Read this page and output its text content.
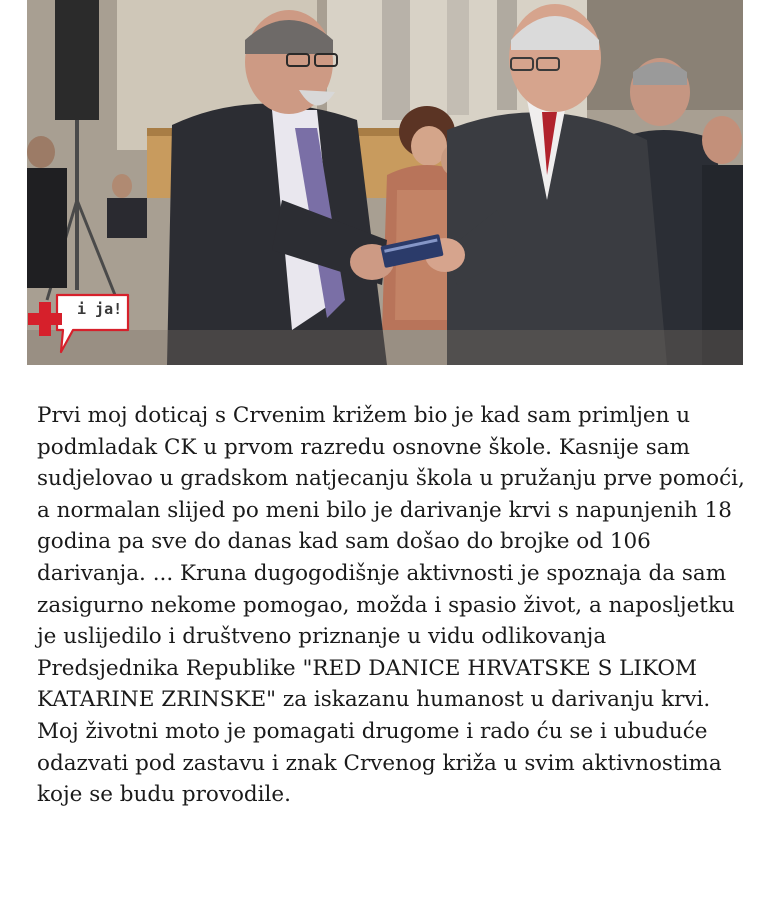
i ja!

Prvi moj doticaj s Crvenim križem bio je kad sam primljen u podmladak CK u prvom razredu osnovne škole. Kasnije sam sudjelovao u gradskom natjecanju škola u pružanju prve pomoći, a normalan slijed po meni bilo je darivanje krvi s napunjenih 18 godina pa sve do danas kad sam došao do brojke od 106 darivanja. ... Kruna dugogodišnje aktivnosti je spoznaja da sam zasigurno nekome pomogao, možda i spasio život, a naposljetku je uslijedilo i društveno priznanje u vidu odlikovanja Predsjednika Republike "RED DANICE HRVATSKE S LIKOM KATARINE ZRINSKE" za iskazanu humanost u darivanju krvi. Moj životni moto je pomagati drugome i rado ću se i ubuduće odazvati pod zastavu i znak Crvenog križa u svim aktivnostima koje se budu provodile.
